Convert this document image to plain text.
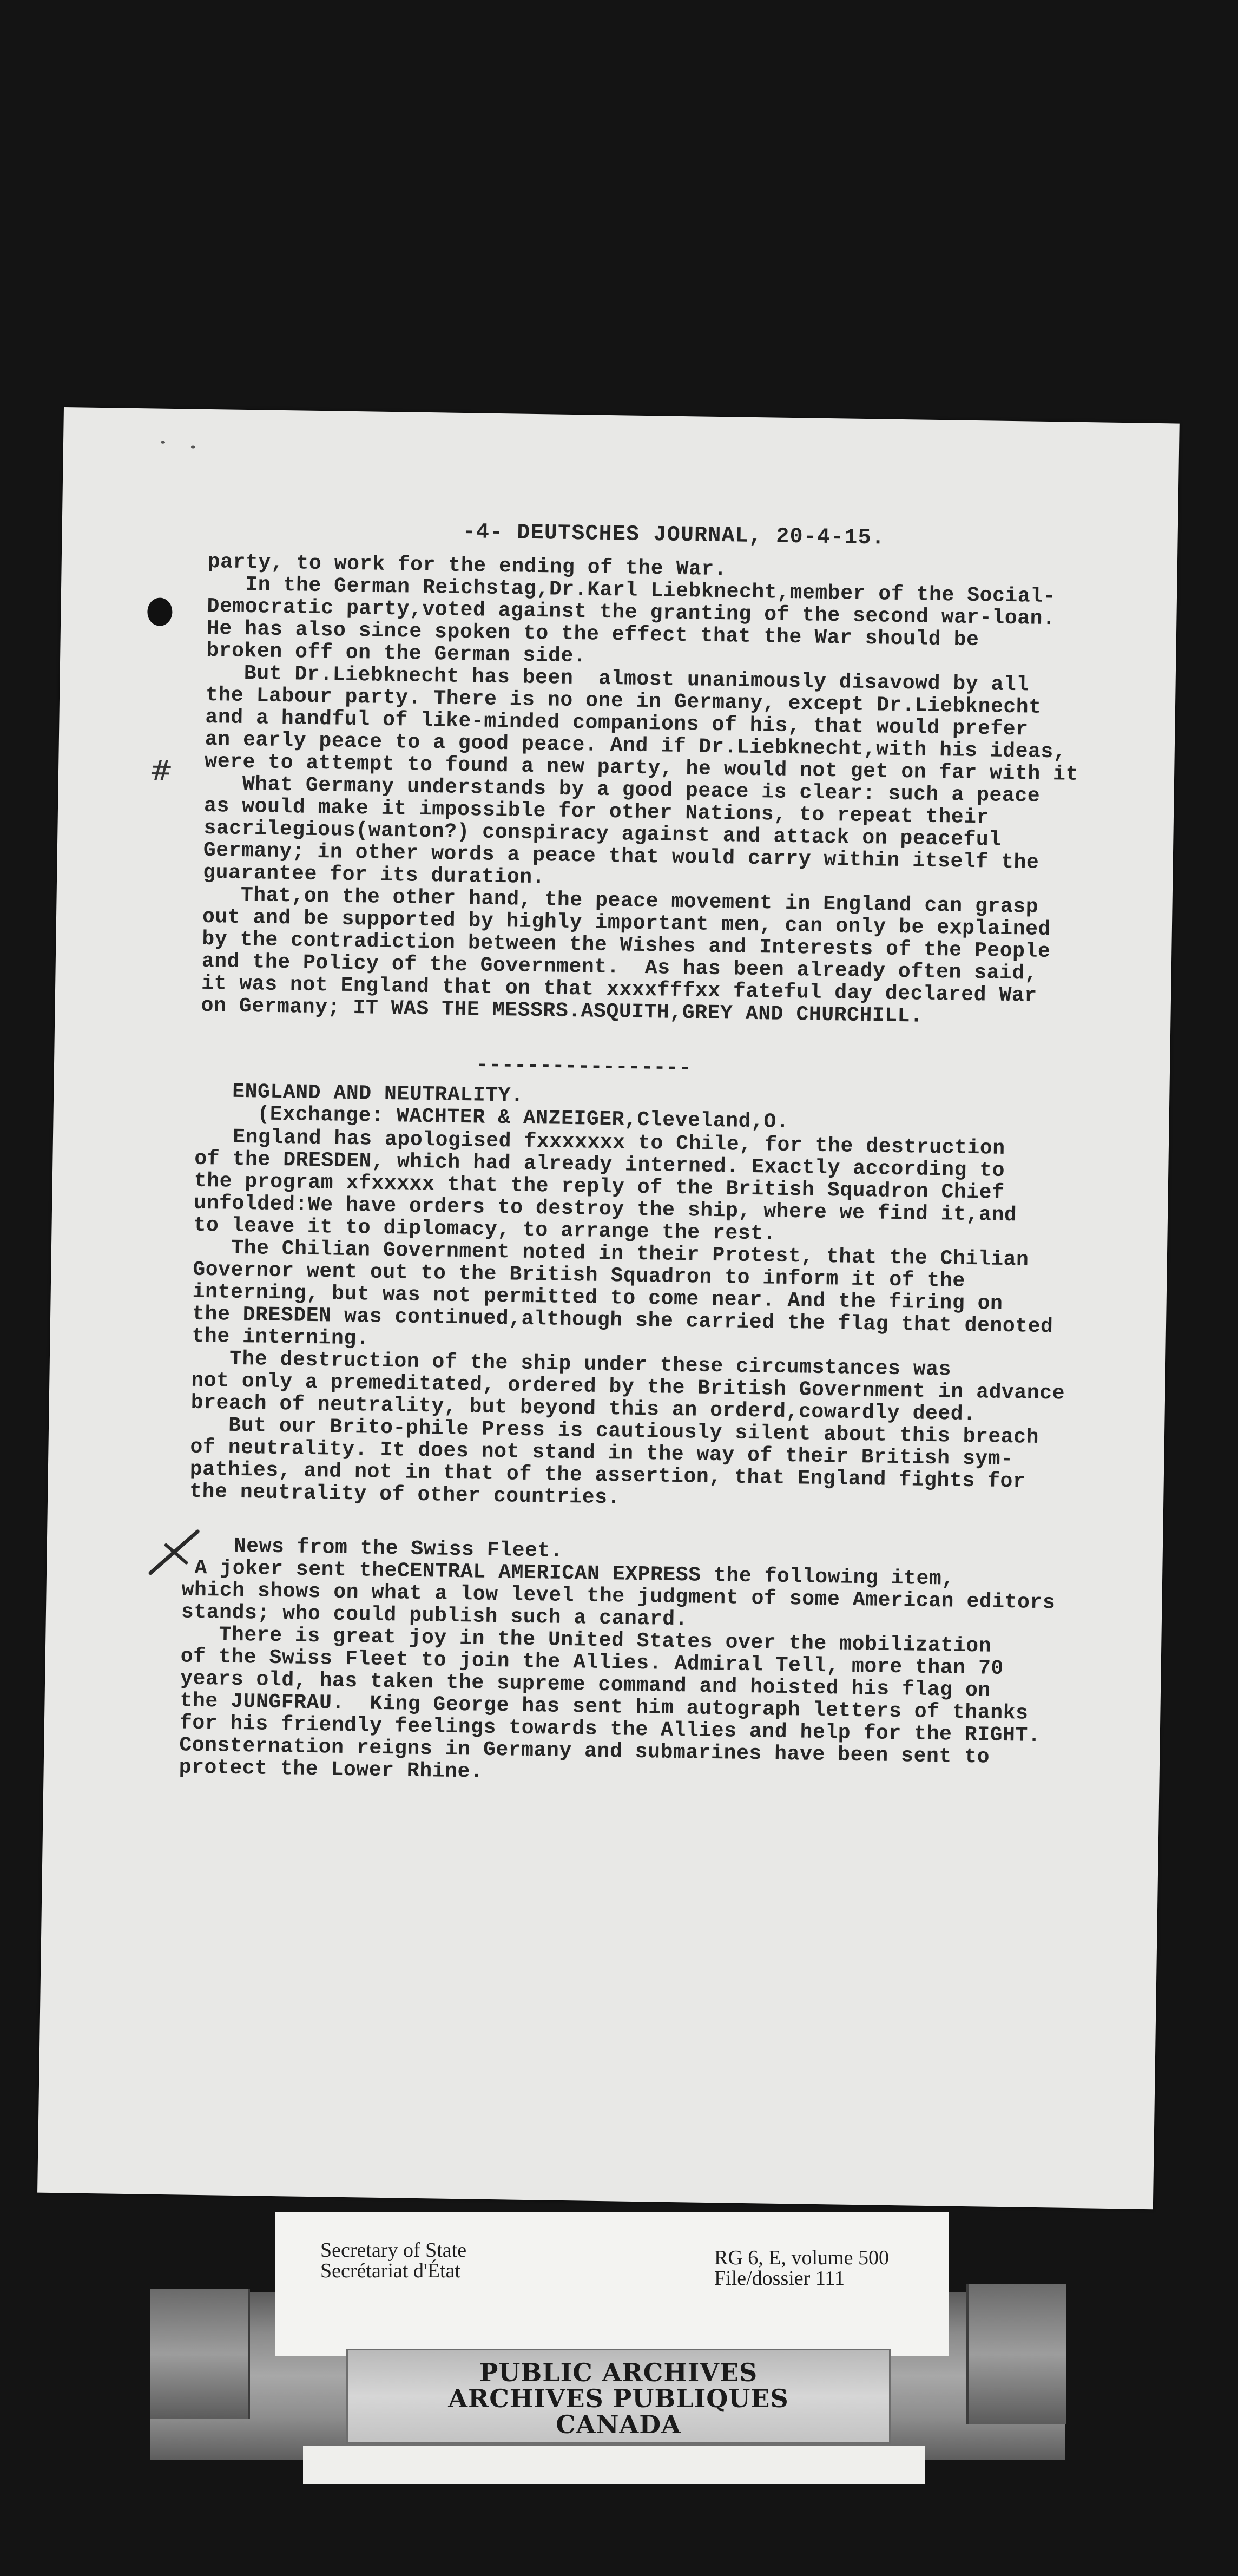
-4- DEUTSCHES JOURNAL, 20-4-15.
#
party, to work for the ending of the War.
In the German Reichstag,Dr.Karl Liebknecht,member of the Social-
Democratic party,voted against the granting of the second war-loan.
He has also since spoken to the effect that the War should be
broken off on the German side.
But Dr.Liebknecht has been  almost unanimously disavowd by all
the Labour party. There is no one in Germany, except Dr.Liebknecht
and a handful of like-minded companions of his, that would prefer
an early peace to a good peace. And if Dr.Liebknecht,with his ideas,
were to attempt to found a new party, he would not get on far with it
What Germany understands by a good peace is clear: such a peace
as would make it impossible for other Nations, to repeat their
sacrilegious(wanton?) conspiracy against and attack on peaceful
Germany; in other words a peace that would carry within itself the
guarantee for its duration.
That,on the other hand, the peace movement in England can grasp
out and be supported by highly important men, can only be explained
by the contradiction between the Wishes and Interests of the People
and the Policy of the Government.  As has been already often said,
it was not England that on that xxxxfffxx fateful day declared War
on Germany; IT WAS THE MESSRS.ASQUITH,GREY AND CHURCHILL.
-----------------
ENGLAND AND NEUTRALITY.
(Exchange: WACHTER & ANZEIGER,Cleveland,O.
England has apologised fxxxxxxx to Chile, for the destruction
of the DRESDEN, which had already interned. Exactly according to
the program xfxxxxx that the reply of the British Squadron Chief
unfolded:We have orders to destroy the ship, where we find it,and
to leave it to diplomacy, to arrange the rest.
The Chilian Government noted in their Protest, that the Chilian
Governor went out to the British Squadron to inform it of the
interning, but was not permitted to come near. And the firing on
the DRESDEN was continued,although she carried the flag that denoted
the interning.
The destruction of the ship under these circumstances was
not only a premeditated, ordered by the British Government in advance
breach of neutrality, but beyond this an orderd,cowardly deed.
But our Brito-phile Press is cautiously silent about this breach
of neutrality. It does not stand in the way of their British sym-
pathies, and not in that of the assertion, that England fights for
the neutrality of other countries.
News from the Swiss Fleet.
A joker sent theCENTRAL AMERICAN EXPRESS the following item,
which shows on what a low level the judgment of some American editors
stands; who could publish such a canard.
There is great joy in the United States over the mobilization
of the Swiss Fleet to join the Allies. Admiral Tell, more than 70
years old, has taken the supreme command and hoisted his flag on
the JUNGFRAU.  King George has sent him autograph letters of thanks
for his friendly feelings towards the Allies and help for the RIGHT.
Consternation reigns in Germany and submarines have been sent to
protect the Lower Rhine.
Secretary of State
Secrétariat d'État
RG 6, E, volume 500
File/dossier 111
PUBLIC ARCHIVES
ARCHIVES PUBLIQUES
CANADA
